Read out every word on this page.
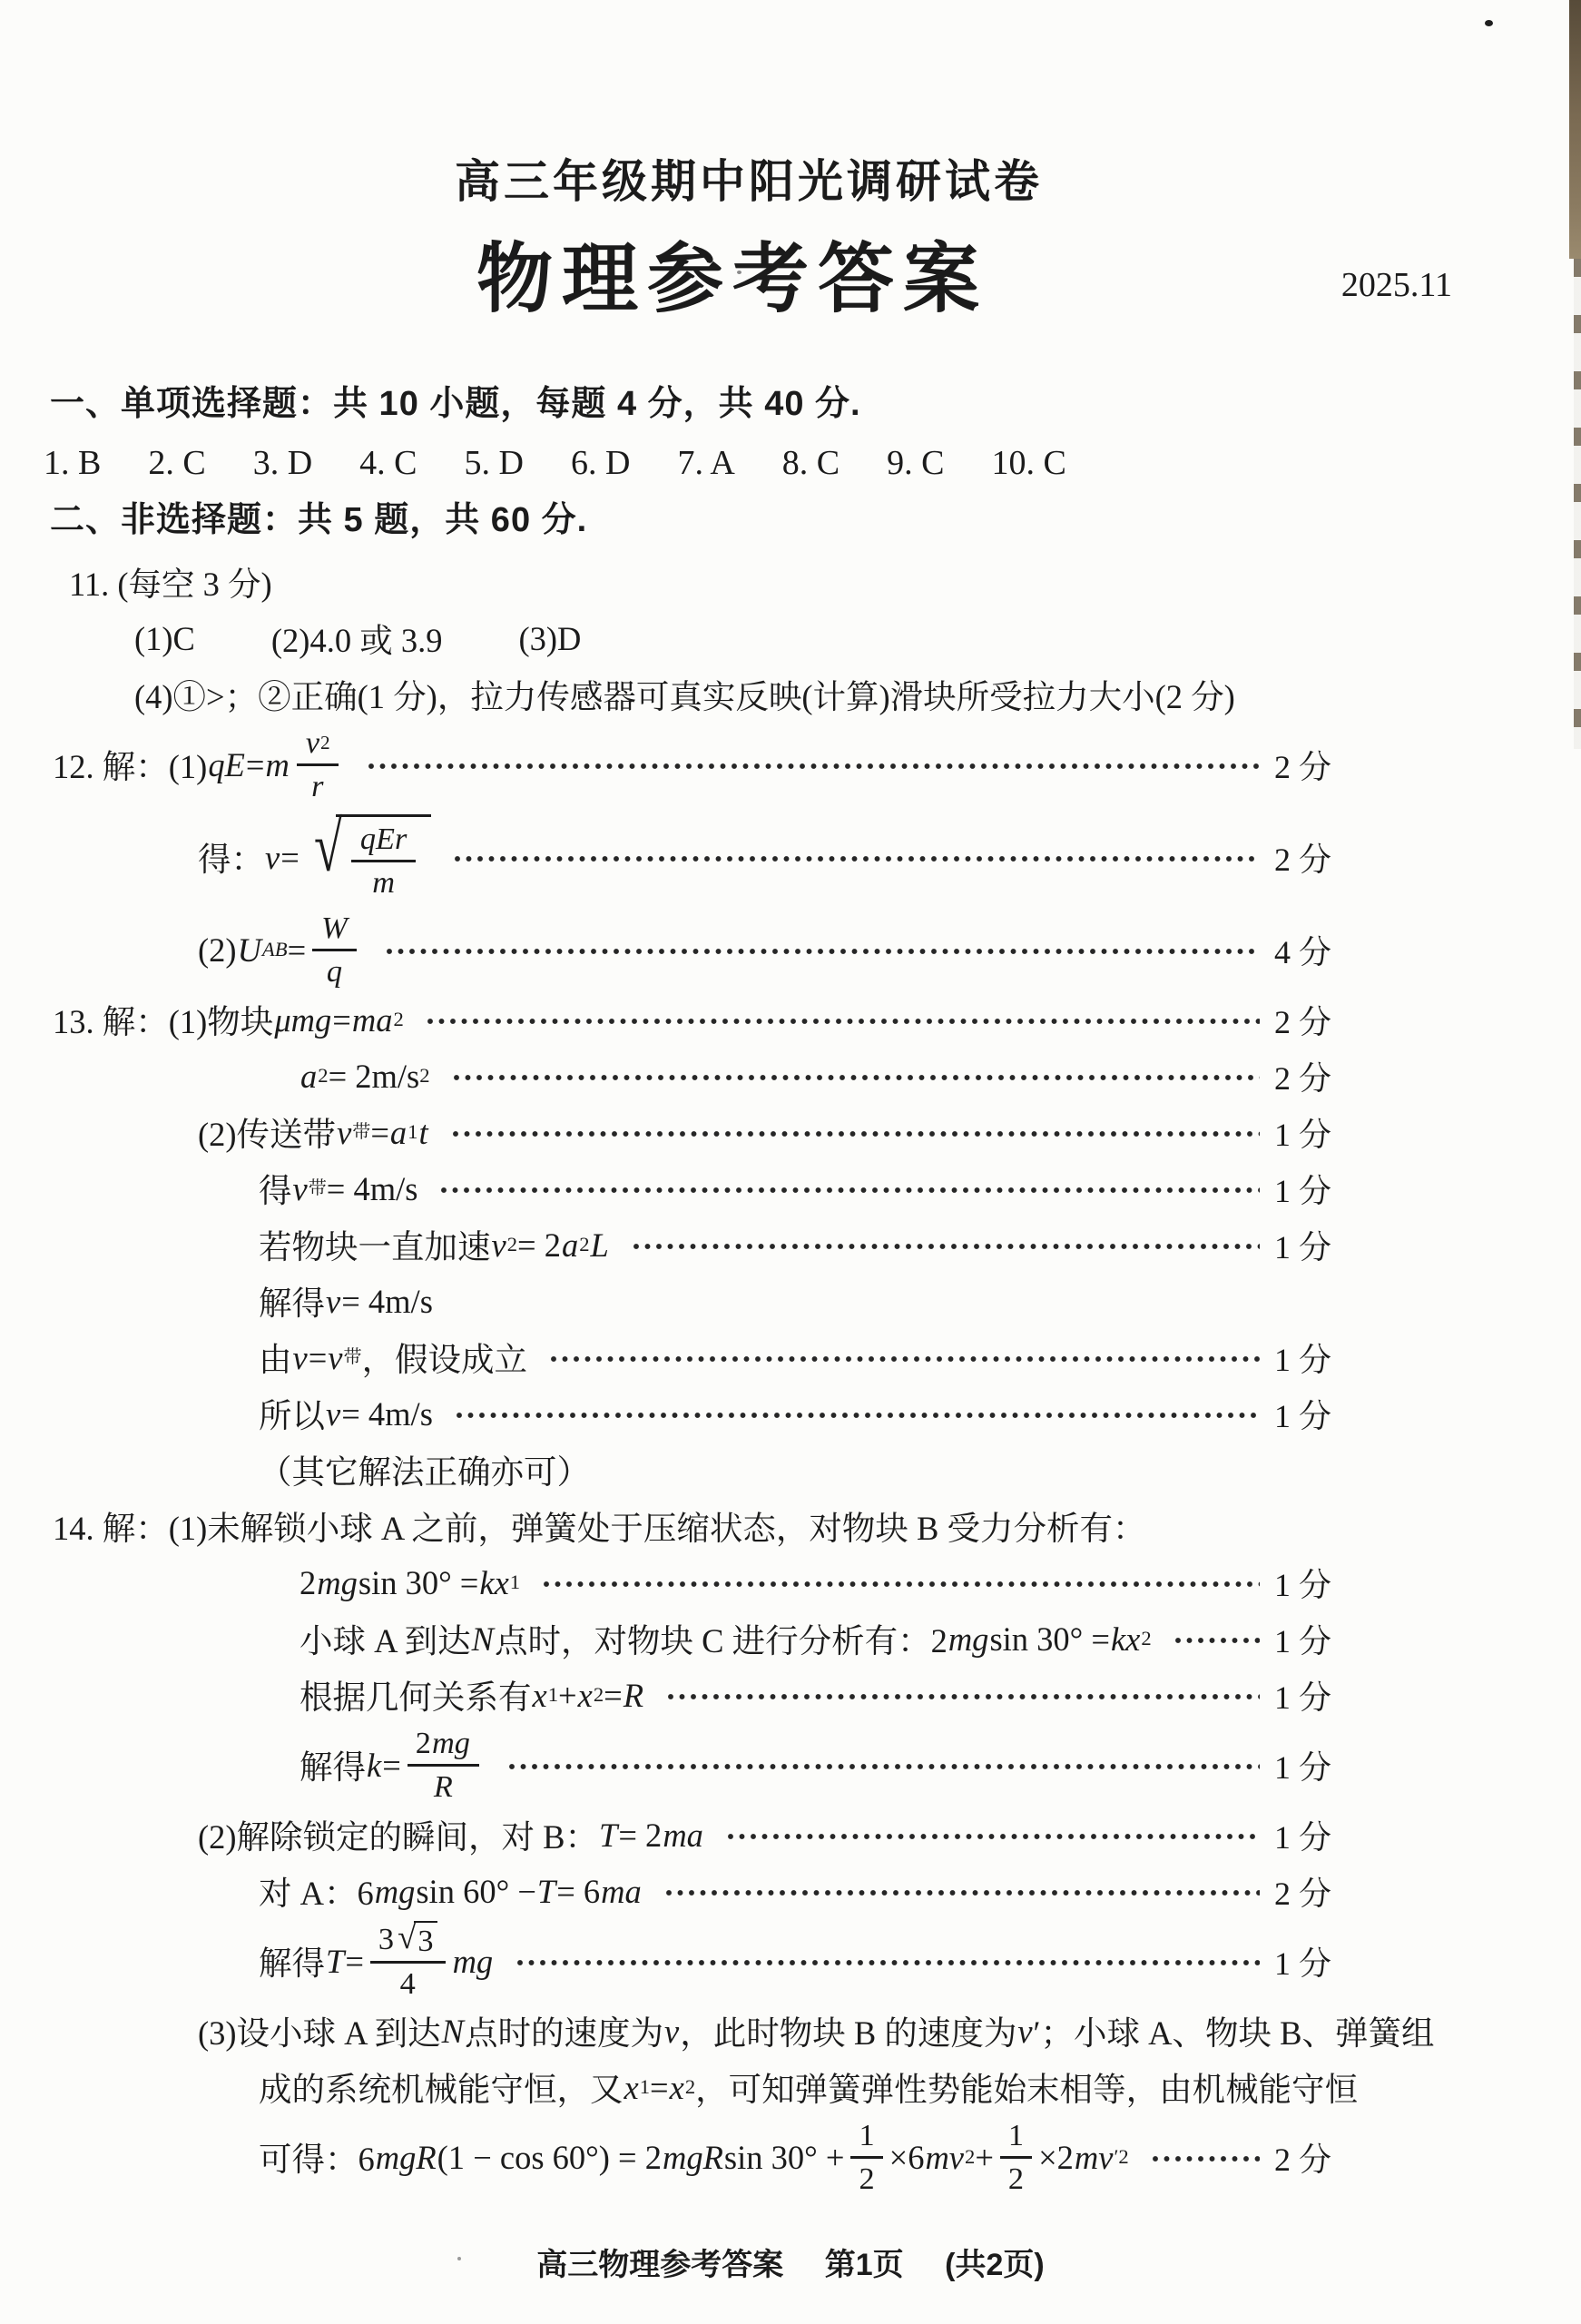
高三年级期中阳光调研试卷
物理参考答案	2025.11
一、单项选择题：共 10 小题，每题 4 分，共 40 分.
1. B 2. C 3. D 4. C 5. D 6. D 7. A 8. C 9. C 10. C
二、非选择题：共 5 题，共 60 分.
11. (每空 3 分)
(1)C (2)4.0 或 3.9 (3)D
(4)①>；②正确(1 分)，拉力传感器可真实反映(计算)滑块所受拉力大小(2 分)
12. 解：(1) qE = m $\frac{v 2}{r}$	2 分
得： v = √ $\frac{\text{qEr}}{m}$	2 分
(2) U AB = $\frac{W}{q}$	4 分
13. 解：(1)物块 μmg = ma 2	2 分
a 2 = 2m/s 2	2 分
(2)传送带 v 带 = a 1 t	1 分
得 v 带 = 4m/s	1 分
若物块一直加速 v 2 = 2 a 2 L	1 分
解得 v = 4m/s
由 v = v 带 ，假设成立	1 分
所以 v = 4m/s	1 分
（其它解法正确亦可）
14. 解：(1)未解锁小球 A 之前，弹簧处于压缩状态，对物块 B 受力分析有：
2 mg sin 30° = kx 1	1 分
小球 A 到达 N 点时，对物块 C 进行分析有：2 mg sin 30° = kx 2	1 分
根据几何关系有 x 1 + x 2 = R	1 分
解得 $k = \frac{2 mg}{R}$	1 分
(2)解除锁定的瞬间，对 B： T = 2 ma	1 分
对 A：6 mg sin 60° − T = 6 ma	2 分
解得 $T = \frac{3 √ 3}{4}$ mg	1 分
(3)设小球 A 到达 N 点时的速度为 v ，此时物块 B 的速度为 v ′；小球 A、物块 B、弹簧组
成的系统机械能守恒，又 x 1 = x 2 ，可知弹簧弹性势能始末相等，由机械能守恒
可得：6 mgR (1 − cos 60°) = 2 mgR $\sin 30^\circ + \frac{1}{2} \times 6$ mv $2 + \frac{1}{2} \times 2$ mv ′2	2 分
高三物理参考答案 第1页 (共2页)
